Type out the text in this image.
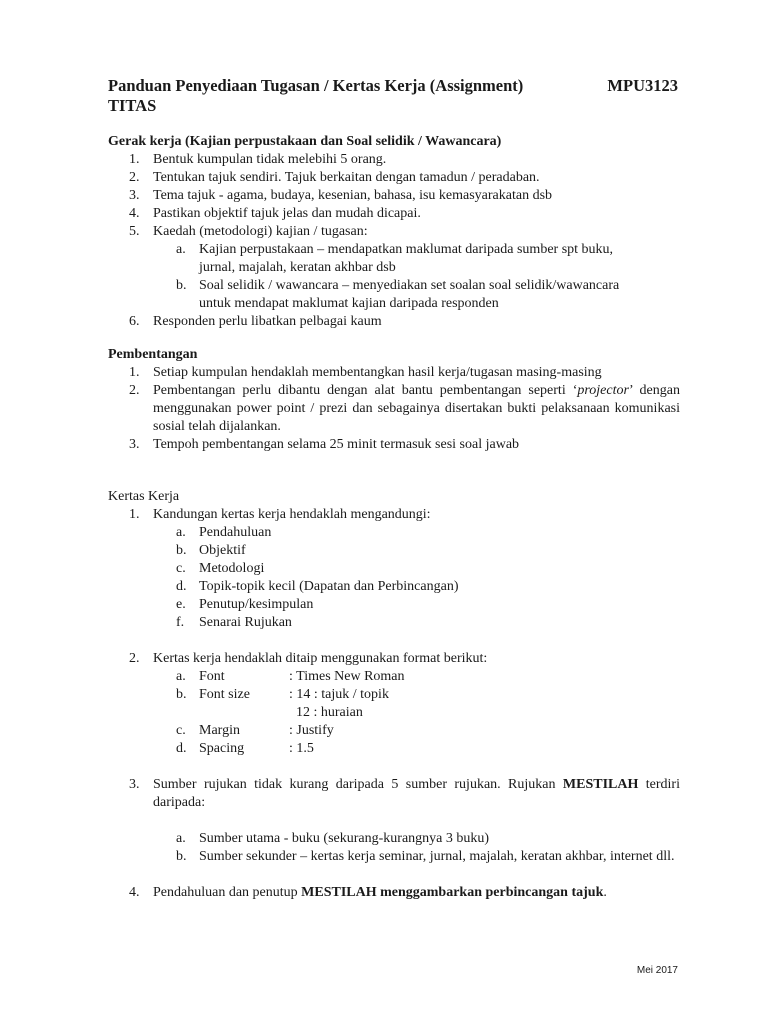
Panduan Penyediaan Tugasan / Kertas Kerja (Assignment)	MPU3123
TITAS
Gerak kerja (Kajian perpustakaan dan Soal selidik / Wawancara)
1. Bentuk kumpulan tidak melebihi 5 orang.
2. Tentukan tajuk sendiri. Tajuk berkaitan dengan tamadun / peradaban.
3. Tema tajuk - agama, budaya, kesenian, bahasa, isu kemasyarakatan dsb
4. Pastikan objektif tajuk jelas dan mudah dicapai.
5. Kaedah (metodologi) kajian / tugasan:
a. Kajian perpustakaan – mendapatkan maklumat daripada sumber spt buku, jurnal, majalah, keratan akhbar dsb
b. Soal selidik / wawancara – menyediakan set soalan soal selidik/wawancara untuk mendapat maklumat kajian daripada responden
6. Responden perlu libatkan pelbagai kaum
Pembentangan
1. Setiap kumpulan hendaklah membentangkan hasil kerja/tugasan masing-masing
2. Pembentangan perlu dibantu dengan alat bantu pembentangan seperti ‘projector’ dengan menggunakan power point / prezi dan sebagainya disertakan bukti pelaksanaan komunikasi sosial telah dijalankan.
3. Tempoh pembentangan selama 25 minit termasuk sesi soal jawab
Kertas Kerja
1. Kandungan kertas kerja hendaklah mengandungi:
a. Pendahuluan
b. Objektif
c. Metodologi
d. Topik-topik kecil (Dapatan dan Perbincangan)
e. Penutup/kesimpulan
f. Senarai Rujukan
2. Kertas kerja hendaklah ditaip menggunakan format berikut:
a. Font	: Times New Roman
b. Font size	: 14 : tajuk / topik
12 : huraian
c. Margin	: Justify
d. Spacing	: 1.5
3. Sumber rujukan tidak kurang daripada 5 sumber rujukan. Rujukan MESTILAH terdiri daripada:
a. Sumber utama - buku (sekurang-kurangnya 3 buku)
b. Sumber sekunder – kertas kerja seminar, jurnal, majalah, keratan akhbar, internet dll.
4. Pendahuluan dan penutup MESTILAH menggambarkan perbincangan tajuk.
Mei 2017
